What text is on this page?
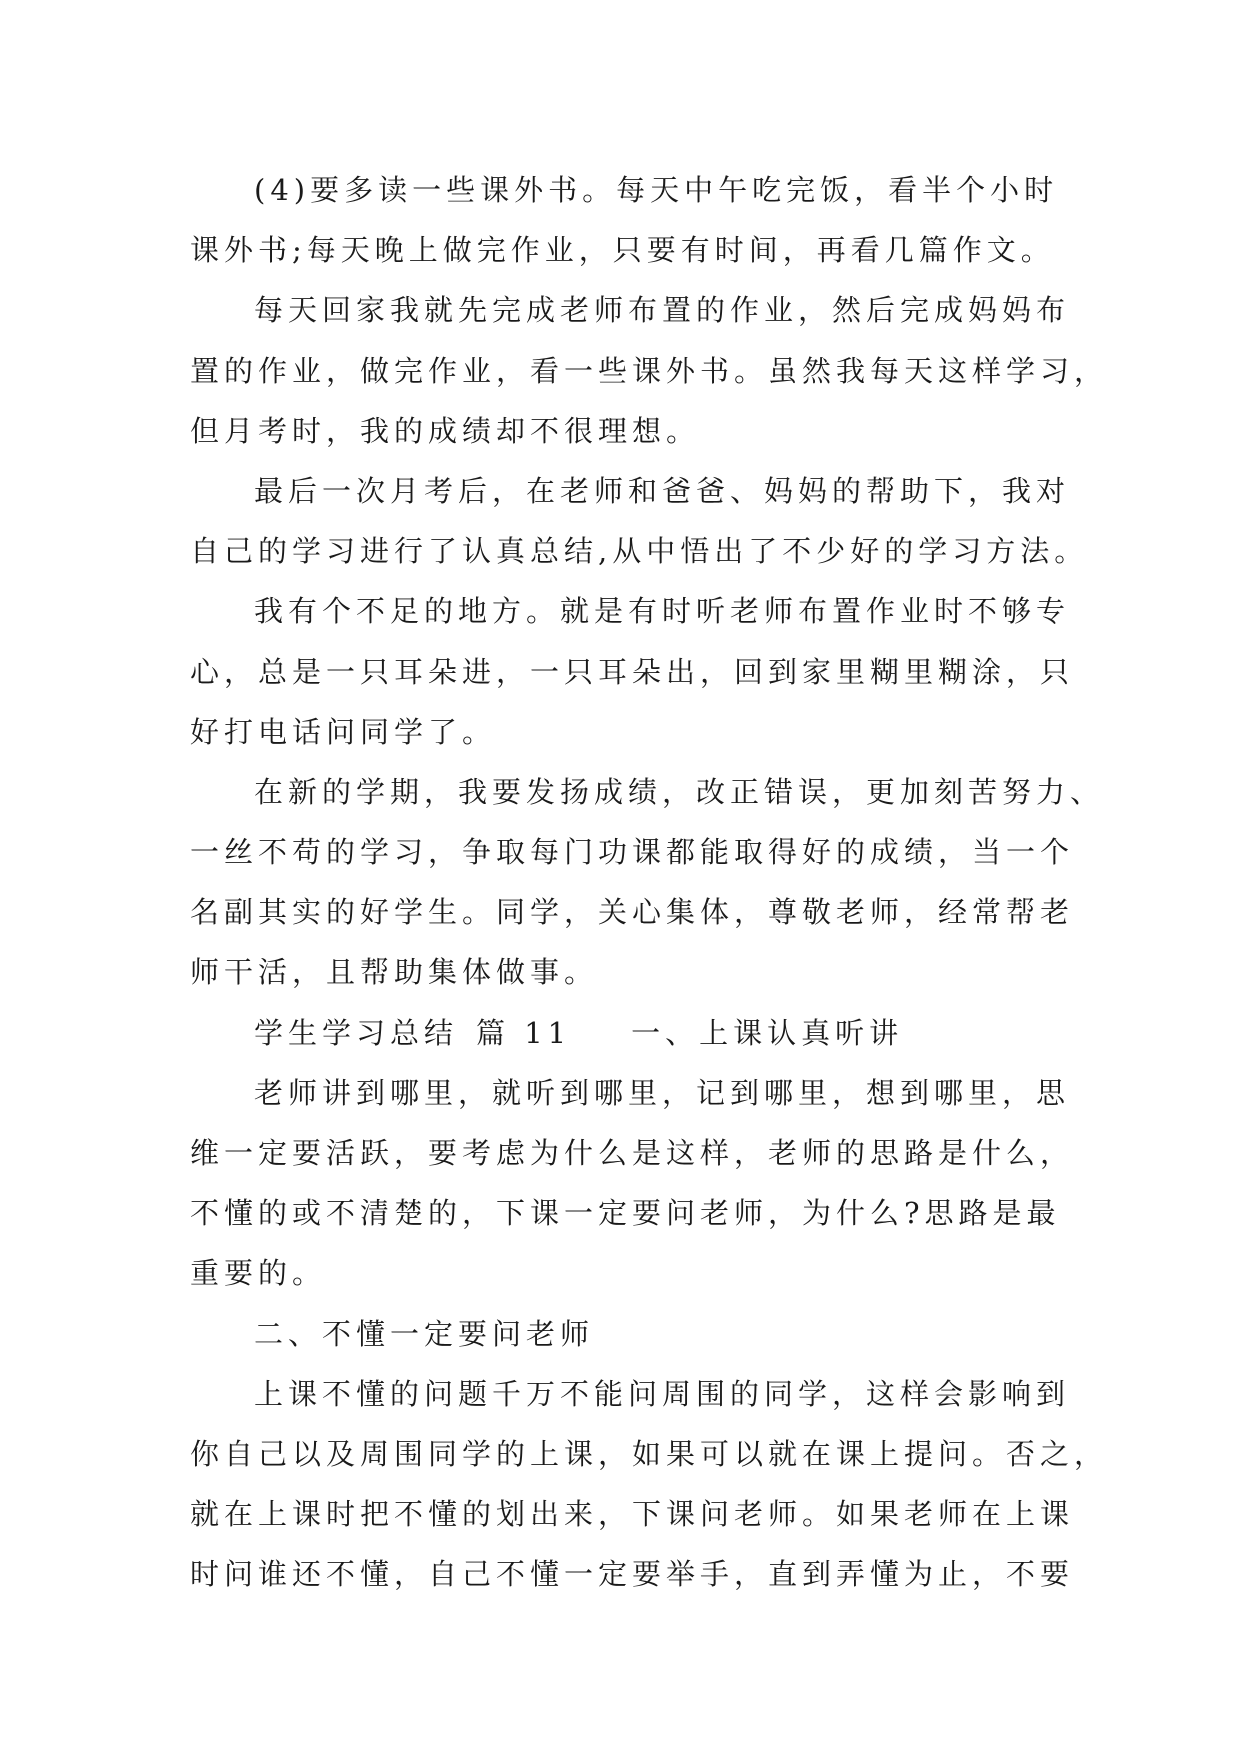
(4)要多读一些课外书。每天中午吃完饭，看半个小时
课外书;每天晚上做完作业，只要有时间，再看几篇作文。
每天回家我就先完成老师布置的作业，然后完成妈妈布
置的作业，做完作业，看一些课外书。虽然我每天这样学习，
但月考时，我的成绩却不很理想。
最后一次月考后，在老师和爸爸、妈妈的帮助下，我对
自己的学习进行了认真总结,从中悟出了不少好的学习方法。
我有个不足的地方。就是有时听老师布置作业时不够专
心，总是一只耳朵进，一只耳朵出，回到家里糊里糊涂，只
好打电话问同学了。
在新的学期，我要发扬成绩，改正错误，更加刻苦努力、
一丝不苟的学习，争取每门功课都能取得好的成绩，当一个
名副其实的好学生。同学，关心集体，尊敬老师，经常帮老
师干活，且帮助集体做事。
学生学习总结 篇 11 一、上课认真听讲
老师讲到哪里，就听到哪里，记到哪里，想到哪里，思
维一定要活跃，要考虑为什么是这样，老师的思路是什么，
不懂的或不清楚的，下课一定要问老师，为什么?思路是最
重要的。
二、不懂一定要问老师
上课不懂的问题千万不能问周围的同学，这样会影响到
你自己以及周围同学的上课，如果可以就在课上提问。否之，
就在上课时把不懂的划出来，下课问老师。如果老师在上课
时问谁还不懂，自己不懂一定要举手，直到弄懂为止，不要
